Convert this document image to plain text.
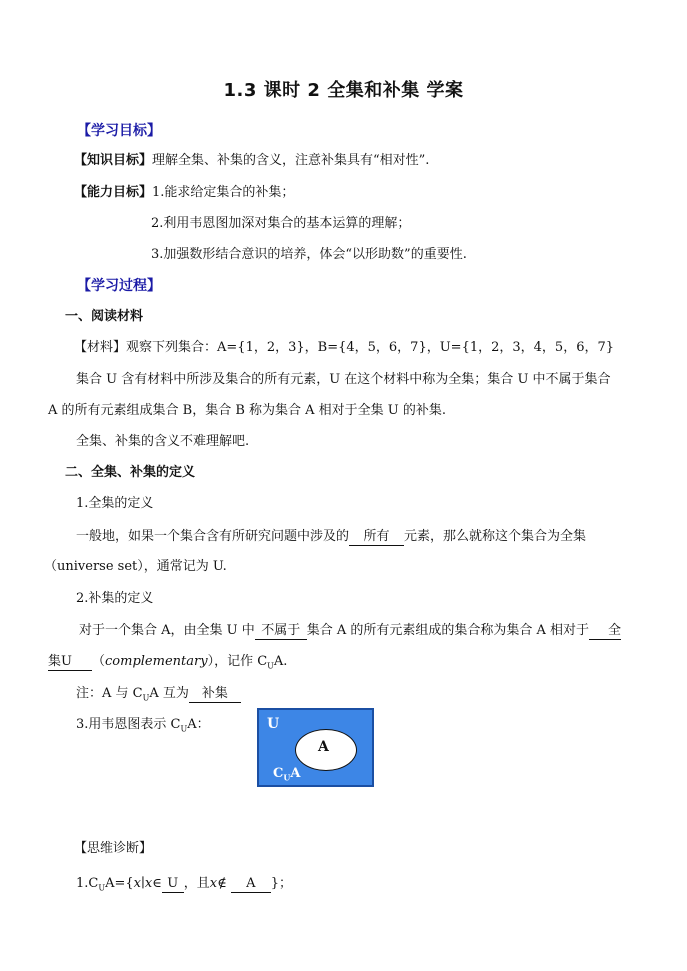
1.3 课时 2 全集和补集 学案
【学习目标】
【知识目标】理解全集、补集的含义，注意补集具有“相对性”.
【能力目标】1.能求给定集合的补集；
2.利用韦恩图加深对集合的基本运算的理解；
3.加强数形结合意识的培养，体会“以形助数”的重要性.
【学习过程】
一、阅读材料
【材料】观察下列集合：A={1，2，3}，B={4，5，6，7}，U={1，2，3，4，5，6，7}
集合 U 含有材料中所涉及集合的所有元素，U 在这个材料中称为全集；集合 U 中不属于集合
A 的所有元素组成集合 B，集合 B 称为集合 A 相对于全集 U 的补集.
全集、补集的含义不难理解吧.
二、全集、补集的定义
1.全集的定义
一般地，如果一个集合含有所研究问题中涉及的 所有 元素，那么就称这个集合为全集
（universe set），通常记为 U.
2.补集的定义
对于一个集合 A，由全集 U 中 不属于 集合 A 的所有元素组成的集合称为集合 A 相对于 全
集U （complementary），记作 $C_UA$.
注：A 与 $C_UA$ 互为 补集
3.用韦恩图表示 $C_UA$：	U
A
$C_UA$
【思维诊断】
$1.C_UA=\{x∣x\in$ U ，且x∉ A }；
